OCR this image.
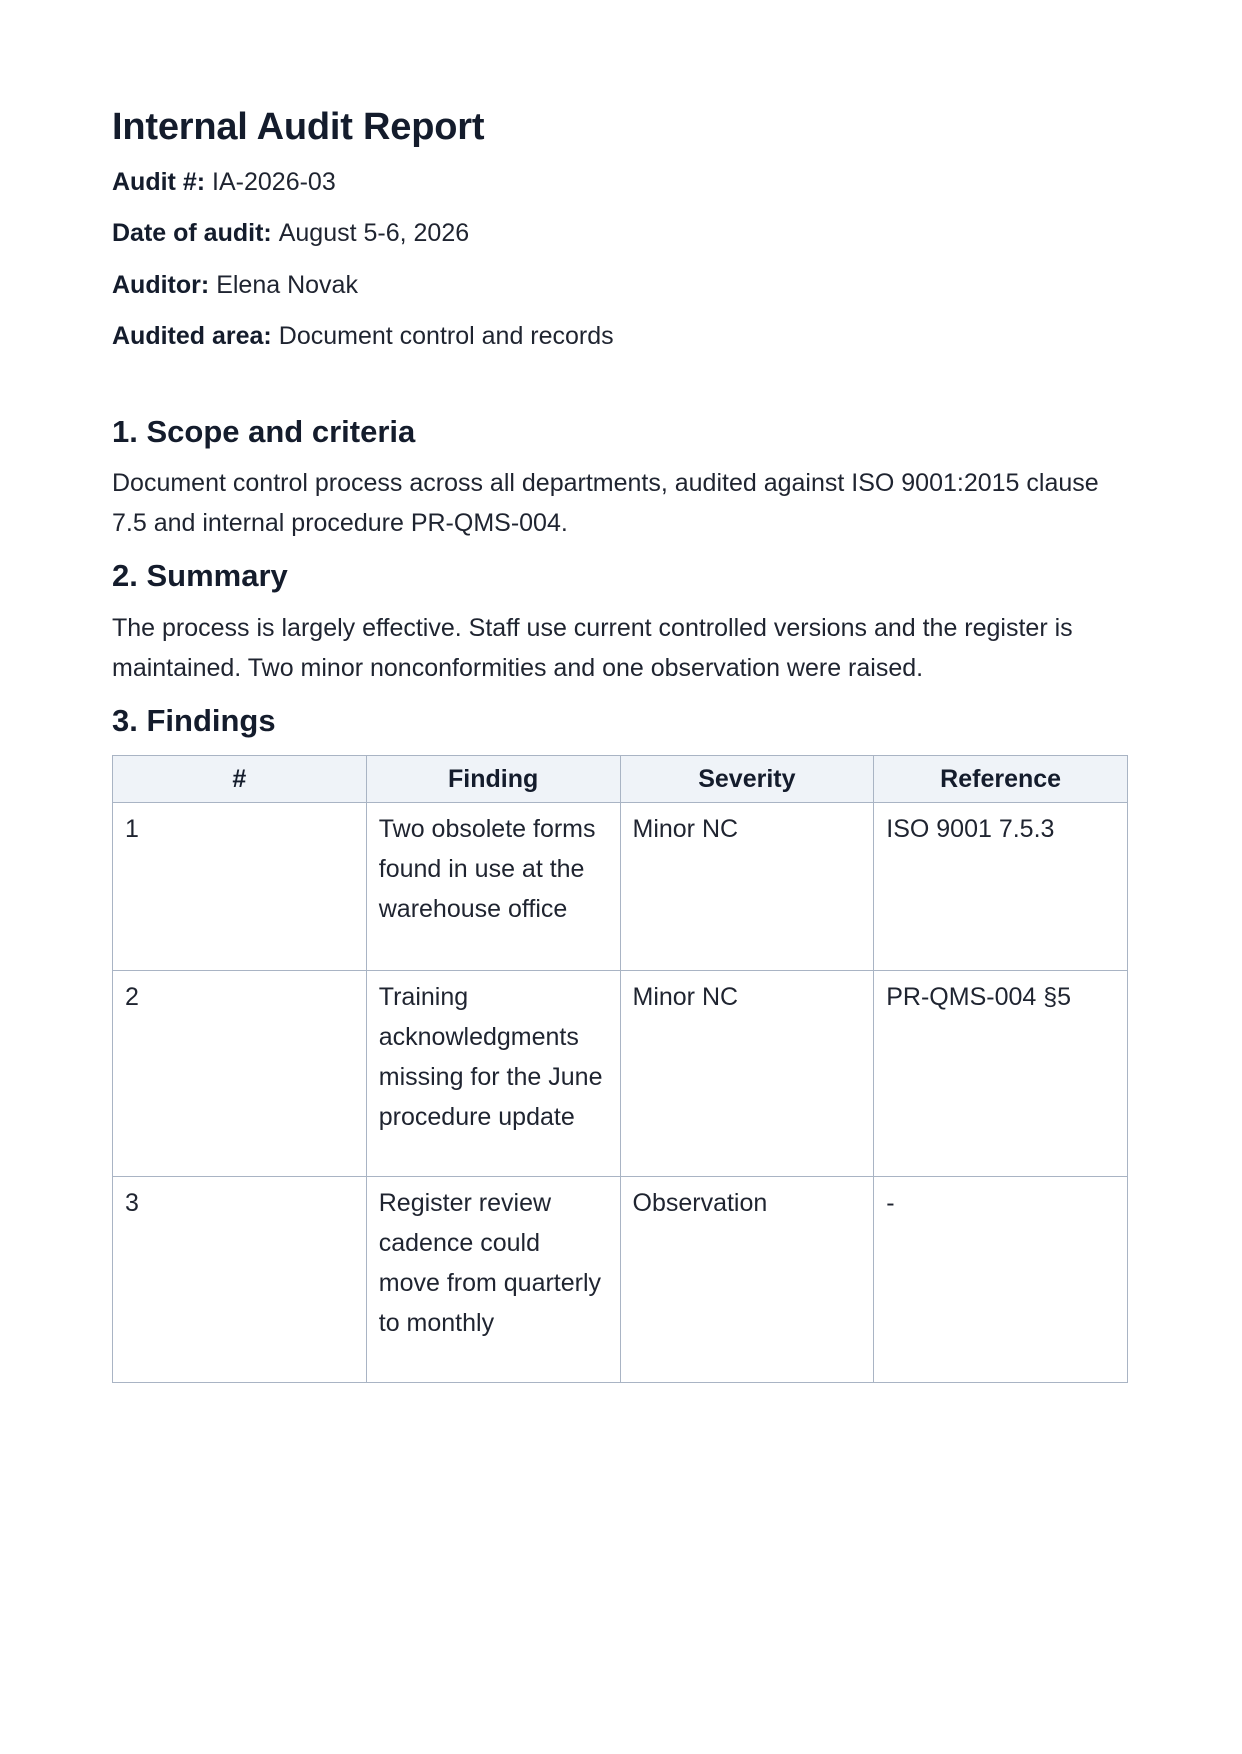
Internal Audit Report

Audit #: IA-2026-03

Date of audit: August 5-6, 2026

Auditor: Elena Novak

Audited area: Document control and records

1. Scope and criteria

Document control process across all departments, audited against ISO 9001:2015 clause 7.5 and internal procedure PR-QMS-004.

2. Summary

The process is largely effective. Staff use current controlled versions and the register is maintained. Two minor nonconformities and one observation were raised.

3. Findings
#	Finding	Severity	Reference
1	Two obsolete forms found in use at the warehouse office	Minor NC	ISO 9001 7.5.3
2	Training acknowledgments missing for the June procedure update	Minor NC	PR-QMS-004 §5
3	Register review cadence could move from quarterly to monthly	Observation	-
